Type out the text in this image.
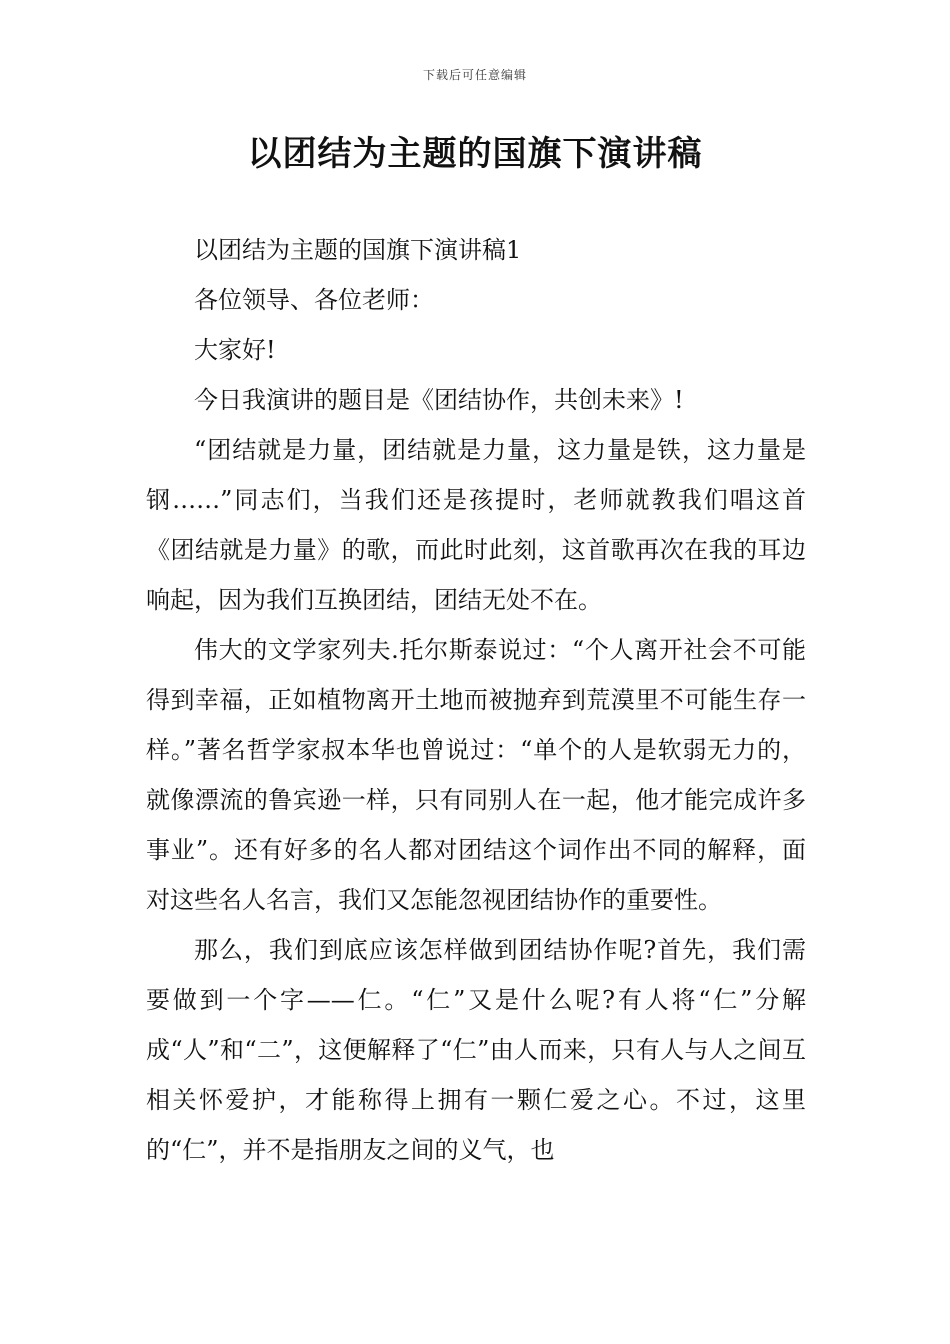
下载后可任意编辑
以团结为主题的国旗下演讲稿

以团结为主题的国旗下演讲稿1

各位领导、各位老师：

大家好!

今日我演讲的题目是《团结协作，共创未来》!

“团结就是力量，团结就是力量，这力量是铁，这力量是钢……”同志们，当我们还是孩提时，老师就教我们唱这首《团结就是力量》的歌，而此时此刻，这首歌再次在我的耳边响起，因为我们互换团结，团结无处不在。

伟大的文学家列夫.托尔斯泰说过：“个人离开社会不可能得到幸福，正如植物离开土地而被抛弃到荒漠里不可能生存一样。”著名哲学家叔本华也曾说过：“单个的人是软弱无力的，就像漂流的鲁宾逊一样，只有同别人在一起，他才能完成许多事业”。还有好多的名人都对团结这个词作出不同的解释，面对这些名人名言，我们又怎能忽视团结协作的重要性。

那么，我们到底应该怎样做到团结协作呢?首先，我们需要做到一个字——仁。“仁”又是什么呢?有人将“仁”分解成“人”和“二”，这便解释了“仁”由人而来，只有人与人之间互相关怀爱护，才能称得上拥有一颗仁爱之心。不过，这里的“仁”，并不是指朋友之间的义气，也
